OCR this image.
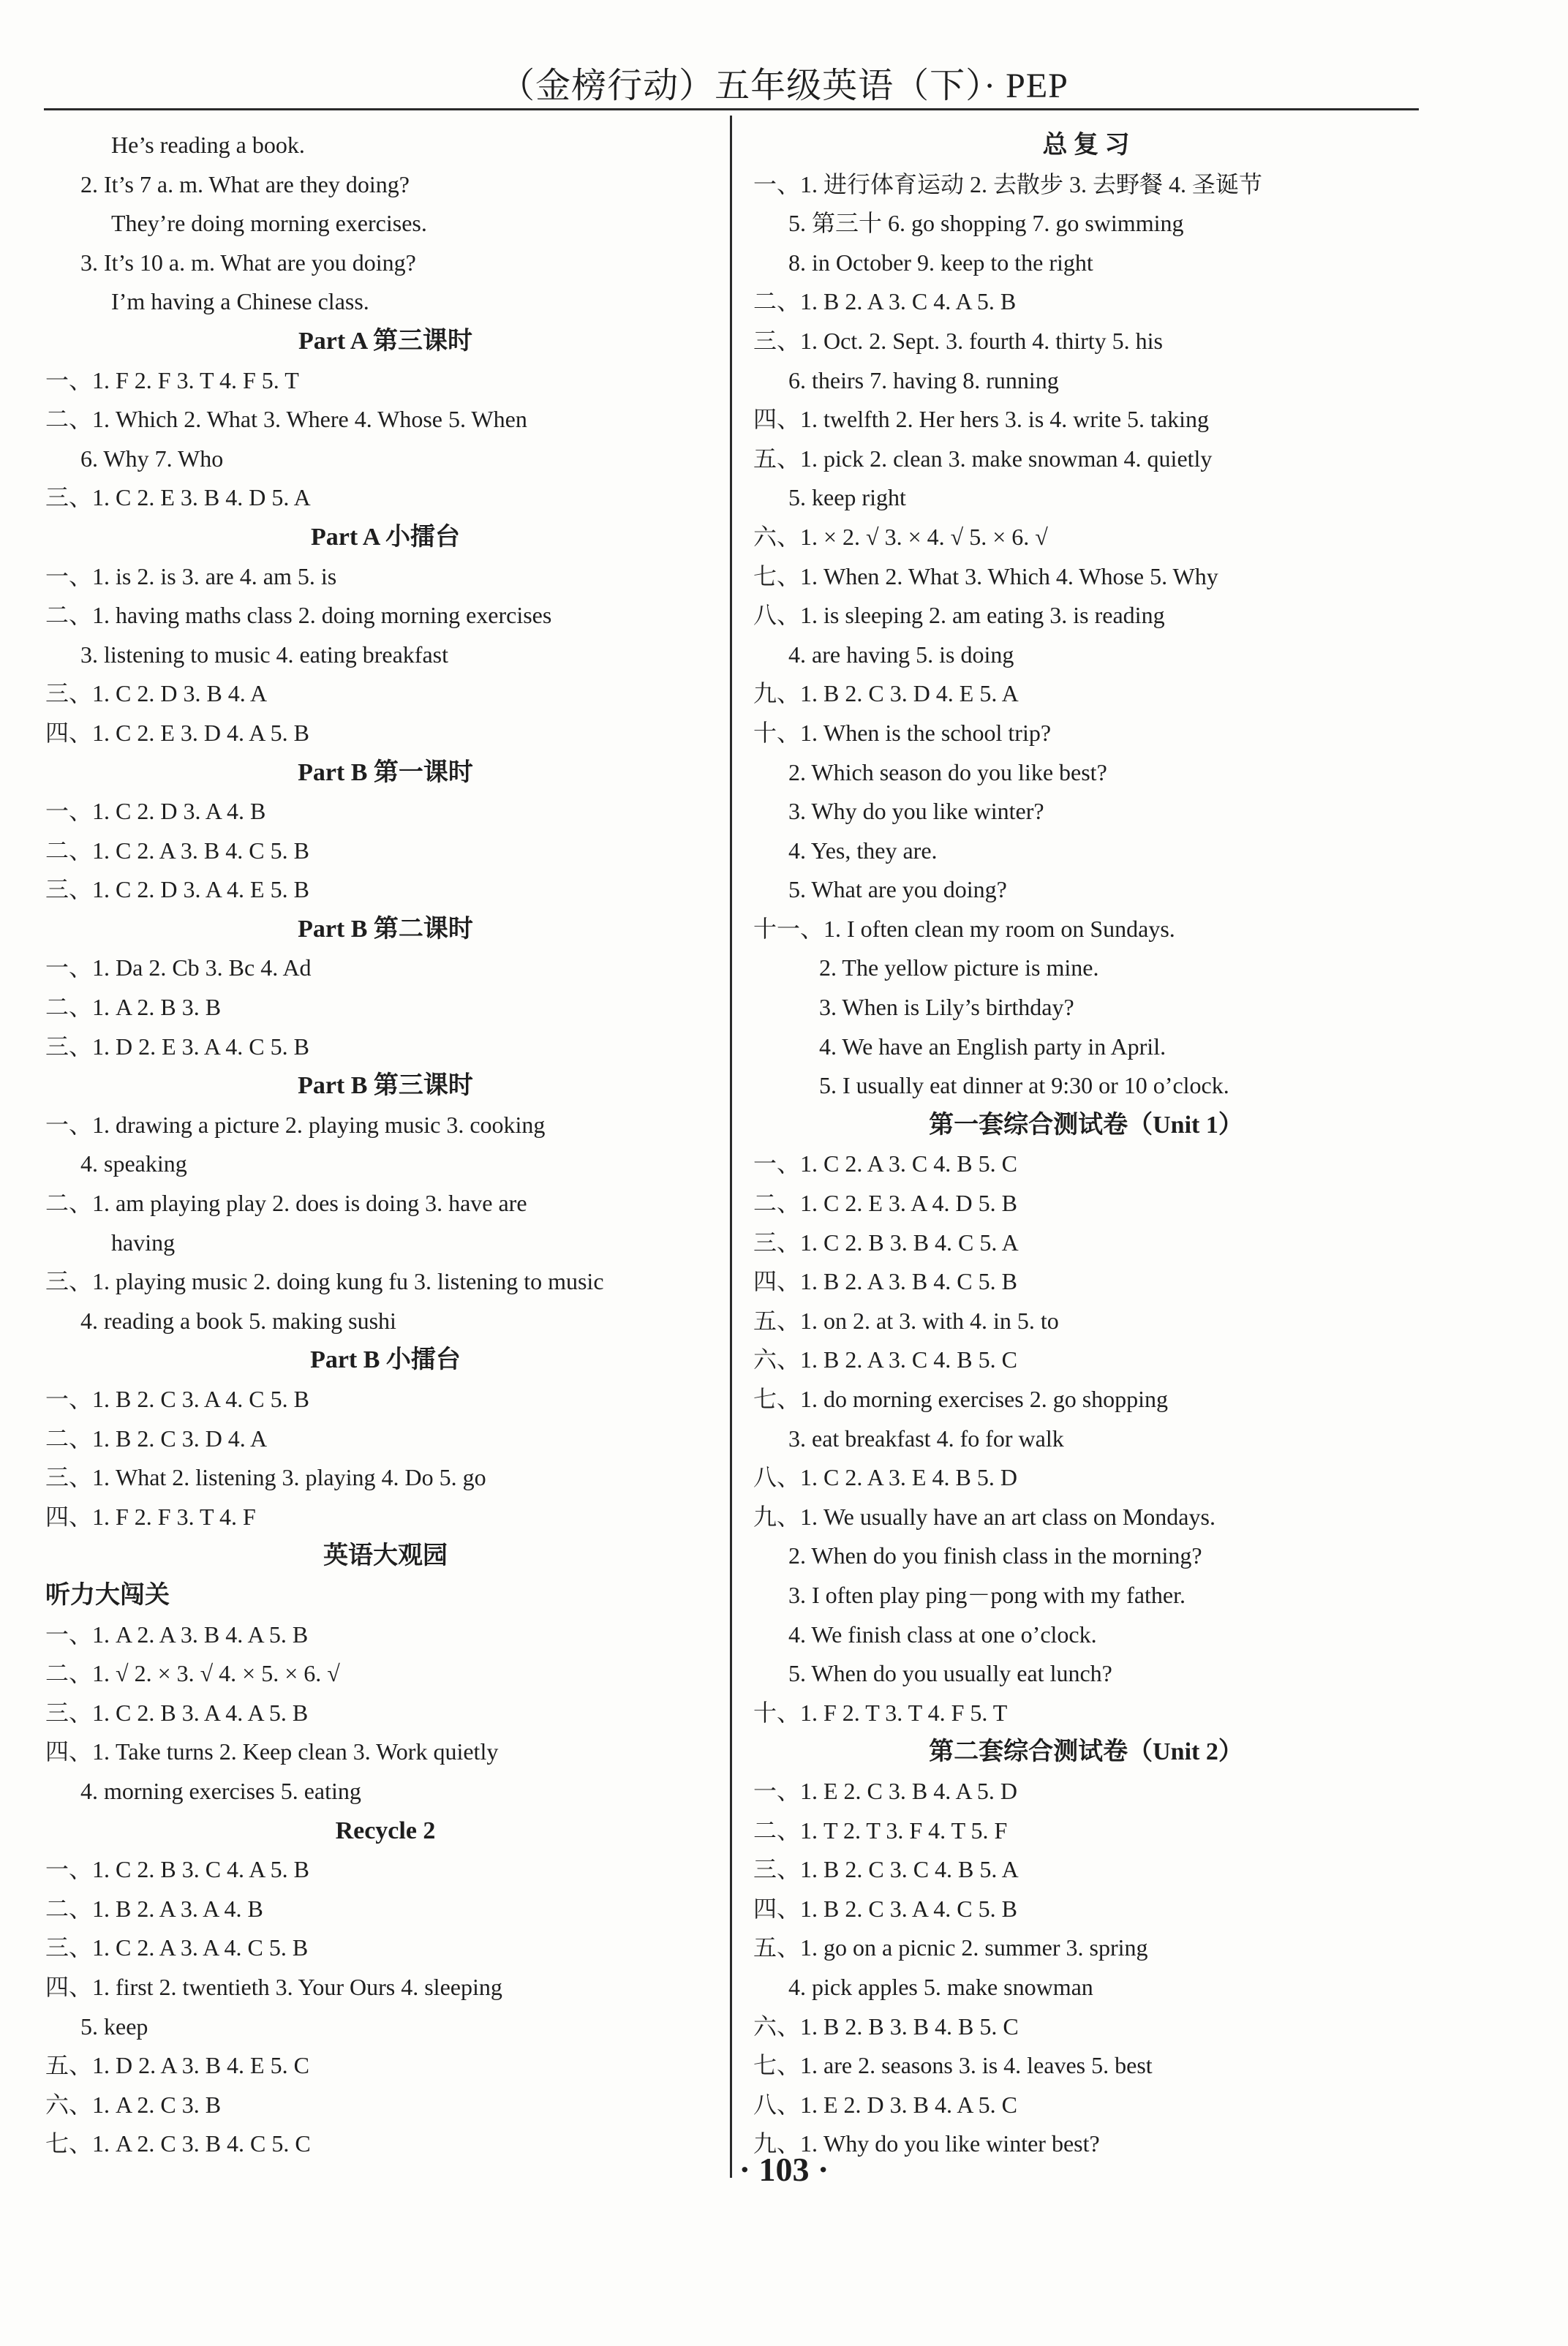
（金榜行动）五年级英语（下）· PEP
He’s reading a book.
2. It’s 7 a. m. What are they doing?
They’re doing morning exercises.
3. It’s 10 a. m. What are you doing?
I’m having a Chinese class.
Part A 第三课时
一、1. F 2. F 3. T 4. F 5. T
二、1. Which 2. What 3. Where 4. Whose 5. When
6. Why 7. Who
三、1. C 2. E 3. B 4. D 5. A
Part A 小擂台
一、1. is 2. is 3. are 4. am 5. is
二、1. having maths class 2. doing morning exercises
3. listening to music 4. eating breakfast
三、1. C 2. D 3. B 4. A
四、1. C 2. E 3. D 4. A 5. B
Part B 第一课时
一、1. C 2. D 3. A 4. B
二、1. C 2. A 3. B 4. C 5. B
三、1. C 2. D 3. A 4. E 5. B
Part B 第二课时
一、1. Da 2. Cb 3. Bc 4. Ad
二、1. A 2. B 3. B
三、1. D 2. E 3. A 4. C 5. B
Part B 第三课时
一、1. drawing a picture 2. playing music 3. cooking
4. speaking
二、1. am playing play 2. does is doing 3. have are
having
三、1. playing music 2. doing kung fu 3. listening to music
4. reading a book 5. making sushi
Part B 小擂台
一、1. B 2. C 3. A 4. C 5. B
二、1. B 2. C 3. D 4. A
三、1. What 2. listening 3. playing 4. Do 5. go
四、1. F 2. F 3. T 4. F
英语大观园
听力大闯关
一、1. A 2. A 3. B 4. A 5. B
二、1. √ 2. × 3. √ 4. × 5. × 6. √
三、1. C 2. B 3. A 4. A 5. B
四、1. Take turns 2. Keep clean 3. Work quietly
4. morning exercises 5. eating
Recycle 2
一、1. C 2. B 3. C 4. A 5. B
二、1. B 2. A 3. A 4. B
三、1. C 2. A 3. A 4. C 5. B
四、1. first 2. twentieth 3. Your Ours 4. sleeping
5. keep
五、1. D 2. A 3. B 4. E 5. C
六、1. A 2. C 3. B
七、1. A 2. C 3. B 4. C 5. C
总 复 习
一、1. 进行体育运动 2. 去散步 3. 去野餐 4. 圣诞节
5. 第三十 6. go shopping 7. go swimming
8. in October 9. keep to the right
二、1. B 2. A 3. C 4. A 5. B
三、1. Oct. 2. Sept. 3. fourth 4. thirty 5. his
6. theirs 7. having 8. running
四、1. twelfth 2. Her hers 3. is 4. write 5. taking
五、1. pick 2. clean 3. make snowman 4. quietly
5. keep right
六、1. × 2. √ 3. × 4. √ 5. × 6. √
七、1. When 2. What 3. Which 4. Whose 5. Why
八、1. is sleeping 2. am eating 3. is reading
4. are having 5. is doing
九、1. B 2. C 3. D 4. E 5. A
十、1. When is the school trip?
2. Which season do you like best?
3. Why do you like winter?
4. Yes, they are.
5. What are you doing?
十一、1. I often clean my room on Sundays.
2. The yellow picture is mine.
3. When is Lily’s birthday?
4. We have an English party in April.
5. I usually eat dinner at 9:30 or 10 o’clock.
第一套综合测试卷（Unit 1）
一、1. C 2. A 3. C 4. B 5. C
二、1. C 2. E 3. A 4. D 5. B
三、1. C 2. B 3. B 4. C 5. A
四、1. B 2. A 3. B 4. C 5. B
五、1. on 2. at 3. with 4. in 5. to
六、1. B 2. A 3. C 4. B 5. C
七、1. do morning exercises 2. go shopping
3. eat breakfast 4. fo for walk
八、1. C 2. A 3. E 4. B 5. D
九、1. We usually have an art class on Mondays.
2. When do you finish class in the morning?
3. I often play ping－pong with my father.
4. We finish class at one o’clock.
5. When do you usually eat lunch?
十、1. F 2. T 3. T 4. F 5. T
第二套综合测试卷（Unit 2）
一、1. E 2. C 3. B 4. A 5. D
二、1. T 2. T 3. F 4. T 5. F
三、1. B 2. C 3. C 4. B 5. A
四、1. B 2. C 3. A 4. C 5. B
五、1. go on a picnic 2. summer 3. spring
4. pick apples 5. make snowman
六、1. B 2. B 3. B 4. B 5. C
七、1. are 2. seasons 3. is 4. leaves 5. best
八、1. E 2. D 3. B 4. A 5. C
九、1. Why do you like winter best?
· 103 ·
